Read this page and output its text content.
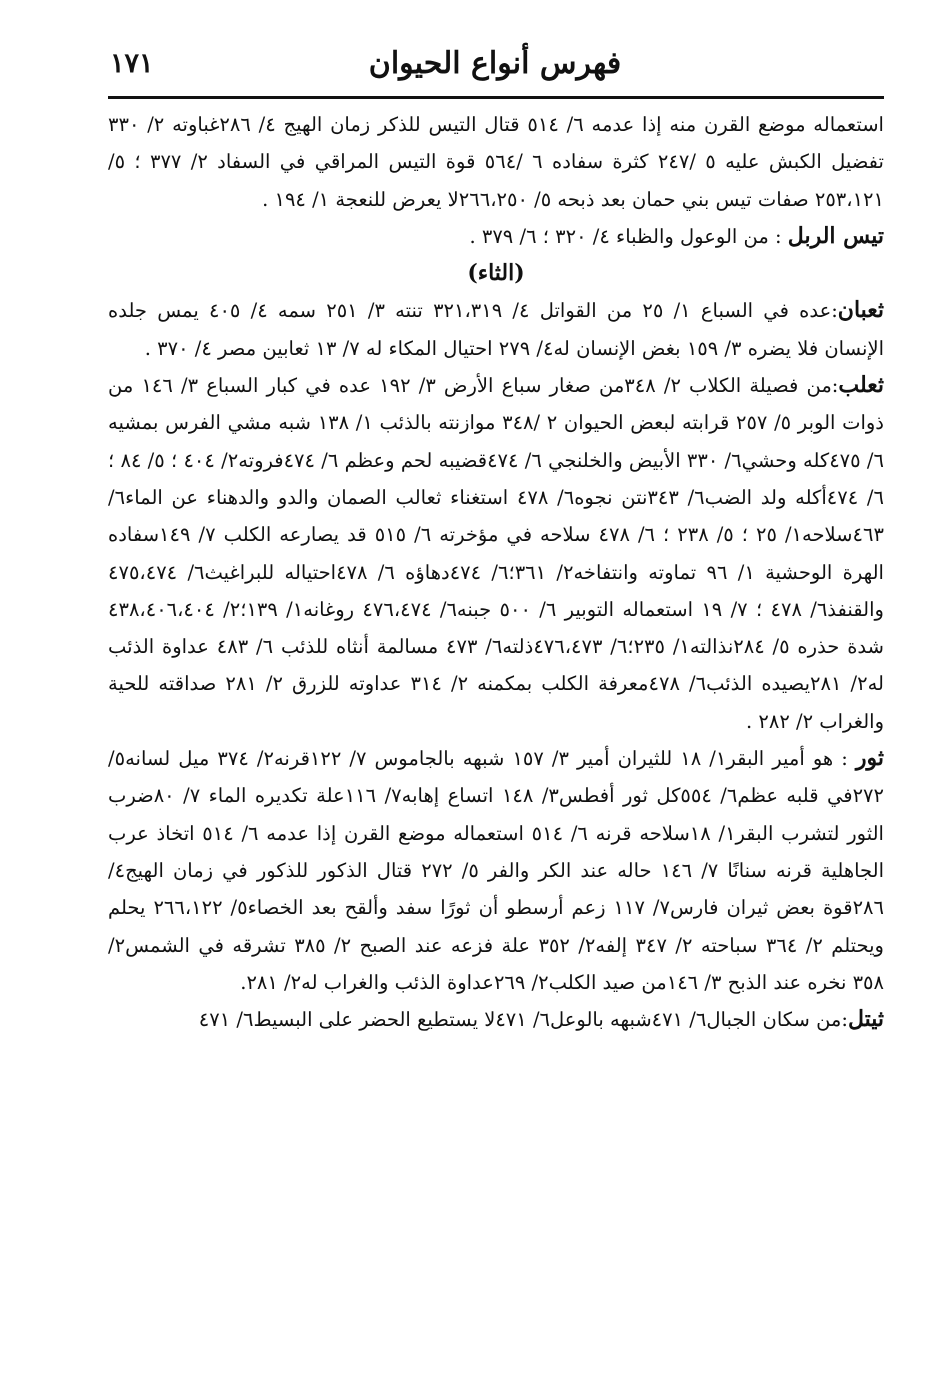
فهرس أنواع الحيوان
١٧١

استعماله موضع القرن منه إذا عدمه ٦/ ٥١٤ قتال التيس للذكر زمان الهيج ٤/ ٢٨٦غباوته ٢/ ٣٣٠ تفضيل الكبش عليه ٥ /٢٤٧ كثرة سفاده ٦ /٥٦٤ قوة التيس المراقي في السفاد ٢/ ٣٧٧ ؛ ٥/ ٢٥٣،١٢١ صفات تيس بني حمان بعد ذبحه ٥/ ٢٦٦،٢٥٠لا يعرض للنعجة ١/ ١٩٤ .

تيس الربل : من الوعول والظباء ٤/ ٣٢٠ ؛ ٦/ ٣٧٩ .

(الثاء)

ثعبان:عده في السباع ١/ ٢٥ من القواتل ٤/ ٣٢١،٣١٩ تنته ٣/ ٢٥١ سمه ٤/ ٤٠٥ يمس جلده الإنسان فلا يضره ٣/ ١٥٩ بغض الإنسان له٤/ ٢٧٩ احتيال المكاء له ٧/ ١٣ ثعابين مصر ٤/ ٣٧٠ .

ثعلب:من فصيلة الكلاب ٢/ ٣٤٨من صغار سباع الأرض ٣/ ١٩٢ عده في كبار السباع ٣/ ١٤٦ من ذوات الوبر ٥/ ٢٥٧ قرابته لبعض الحيوان ٢ /٣٤٨ موازنته بالذئب ١/ ١٣٨ شبه مشي الفرس بمشيه ٦/ ٤٧٥كله وحشي٦/ ٣٣٠ الأبيض والخلنجي ٦/ ٤٧٤قضيبه لحم وعظم ٦/ ٤٧٤فروته٢/ ٤٠٤ ؛ ٥/ ٨٤ ؛ ٦/ ٤٧٤أكله ولد الضب٦/ ٣٤٣نتن نجوه٦/ ٤٧٨ استغناء ثعالب الصمان والدو والدهناء عن الماء٦/ ٤٦٣سلاحه١/ ٢٥ ؛ ٥/ ٢٣٨ ؛ ٦/ ٤٧٨ سلاحه في مؤخرته ٦/ ٥١٥ قد يصارعه الكلب ٧/ ١٤٩سفاده الهرة الوحشية ١/ ٩٦ تماوته وانتفاخه٢/ ٣٦١؛٦/ ٤٧٤دهاؤه ٦/ ٤٧٨احتياله للبراغيث٦/ ٤٧٥،٤٧٤ والقنفذ٦/ ٤٧٨ ؛ ٧/ ١٩ استعماله التوبير ٦/ ٥٠٠ جبنه٦/ ٤٧٦،٤٧٤ روغانه١/ ١٣٩؛٢/ ٤٣٨،٤٠٦،٤٠٤ شدة حذره ٥/ ٢٨٤نذالته١/ ٢٣٥؛٦/ ٤٧٦،٤٧٣ذلته٦/ ٤٧٣ مسالمة أنثاه للذئب ٦/ ٤٨٣ عداوة الذئب له٢/ ٢٨١يصيده الذئب٦/ ٤٧٨معرفة الكلب بمكمنه ٢/ ٣١٤ عداوته للزرق ٢/ ٢٨١ صداقته للحية والغراب ٢/ ٢٨٢ .

ثور : هو أمير البقر١/ ١٨ للثيران أمير ٣/ ١٥٧ شبهه بالجاموس ٧/ ١٢٢قرنه٢/ ٣٧٤ ميل لسانه٥/ ٢٧٢في قلبه عظم٦/ ٥٥٤كل ثور أفطس٣/ ١٤٨ اتساع إهابه٧/ ١١٦علة تكديره الماء ٧/ ٨٠ضرب الثور لتشرب البقر١/ ١٨سلاحه قرنه ٦/ ٥١٤ استعماله موضع القرن إذا عدمه ٦/ ٥١٤ اتخاذ عرب الجاهلية قرنه سنانًا ٧/ ١٤٦ حاله عند الكر والفر ٥/ ٢٧٢ قتال الذكور للذكور في زمان الهيج٤/ ٢٨٦قوة بعض ثيران فارس٧/ ١١٧ زعم أرسطو أن ثورًا سفد وألقح بعد الخصاء٥/ ٢٦٦،١٢٢ يحلم ويحتلم ٢/ ٣٦٤ سباحته ٢/ ٣٤٧ إلفه٢/ ٣٥٢ علة فزعه عند الصبح ٢/ ٣٨٥ تشرقه في الشمس٢/ ٣٥٨ نخره عند الذبح ٣/ ١٤٦من صيد الكلب٢/ ٢٦٩عداوة الذئب والغراب له٢/ ٢٨١.

ثيتل:من سكان الجبال٦/ ٤٧١شبهه بالوعل٦/ ٤٧١لا يستطيع الحضر على البسيط٦/ ٤٧١
